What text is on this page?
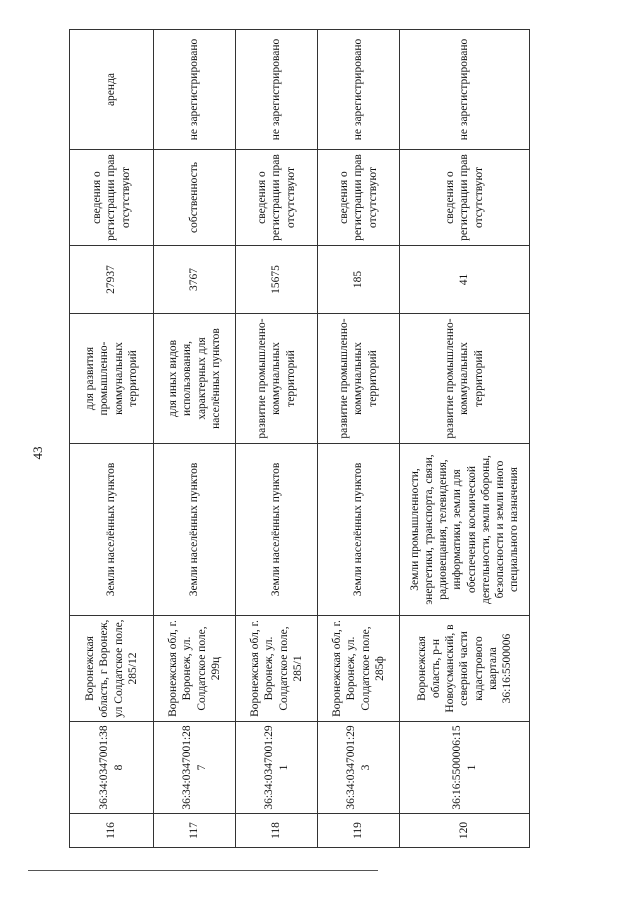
43
116	36:34:0347001:388	Воронежская область, г Воронеж, ул Солдатское поле, 285/12	Земли населённых пунктов	для развития промышленно-коммунальных территорий	27937	сведения о регистрации прав отсутствуют	аренда
117	36:34:0347001:287	Воронежская обл, г. Воронеж, ул. Солдатское поле, 299ц	Земли населённых пунктов	для иных видов использования, характерных для населённых пунктов	3767	собственность	не зарегистрировано
118	36:34:0347001:291	Воронежская обл, г. Воронеж, ул. Солдатское поле, 285/1	Земли населённых пунктов	развитие промышленно-коммунальных территорий	15675	сведения о регистрации прав отсутствуют	не зарегистрировано
119	36:34:0347001:293	Воронежская обл, г. Воронеж, ул. Солдатское поле, 285ф	Земли населённых пунктов	развитие промышленно-коммунальных территорий	185	сведения о регистрации прав отсутствуют	не зарегистрировано
120	36:16:5500006:151	Воронежская область, р-н Новоусманский, в северной части кадастрового квартала 36:16:5500006	Земли промышленности, энергетики, транспорта, связи, радиовещания, телевидения, информатики, земли для обеспечения космической деятельности, земли обороны, безопасности и земли иного специального назначения	развитие промышленно-коммунальных территорий	41	сведения о регистрации прав отсутствуют	не зарегистрировано
